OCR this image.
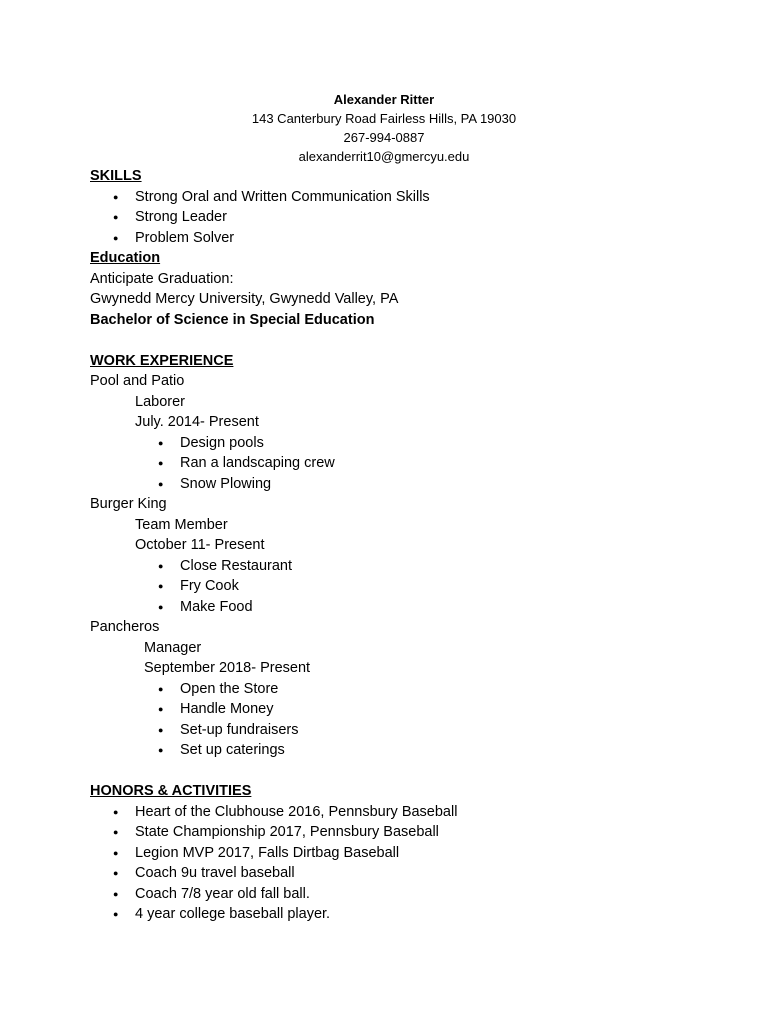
Alexander Ritter
143 Canterbury Road Fairless Hills, PA 19030
267-994-0887
alexanderrit10@gmercyu.edu
SKILLS
● Strong Oral and Written Communication Skills
● Strong Leader
● Problem Solver
Education
Anticipate Graduation:
Gwynedd Mercy University, Gwynedd Valley, PA
Bachelor of Science in Special Education
WORK EXPERIENCE
Pool and Patio
Laborer
July. 2014- Present
● Design pools
● Ran a landscaping crew
● Snow Plowing
Burger King
Team Member
October 11- Present
● Close Restaurant
● Fry Cook
● Make Food
Pancheros
Manager
September 2018- Present
● Open the Store
● Handle Money
● Set-up fundraisers
● Set up caterings
HONORS & ACTIVITIES
● Heart of the Clubhouse 2016, Pennsbury Baseball
● State Championship 2017, Pennsbury Baseball
● Legion MVP 2017, Falls Dirtbag Baseball
● Coach 9u travel baseball
● Coach 7/8 year old fall ball.
● 4 year college baseball player.
